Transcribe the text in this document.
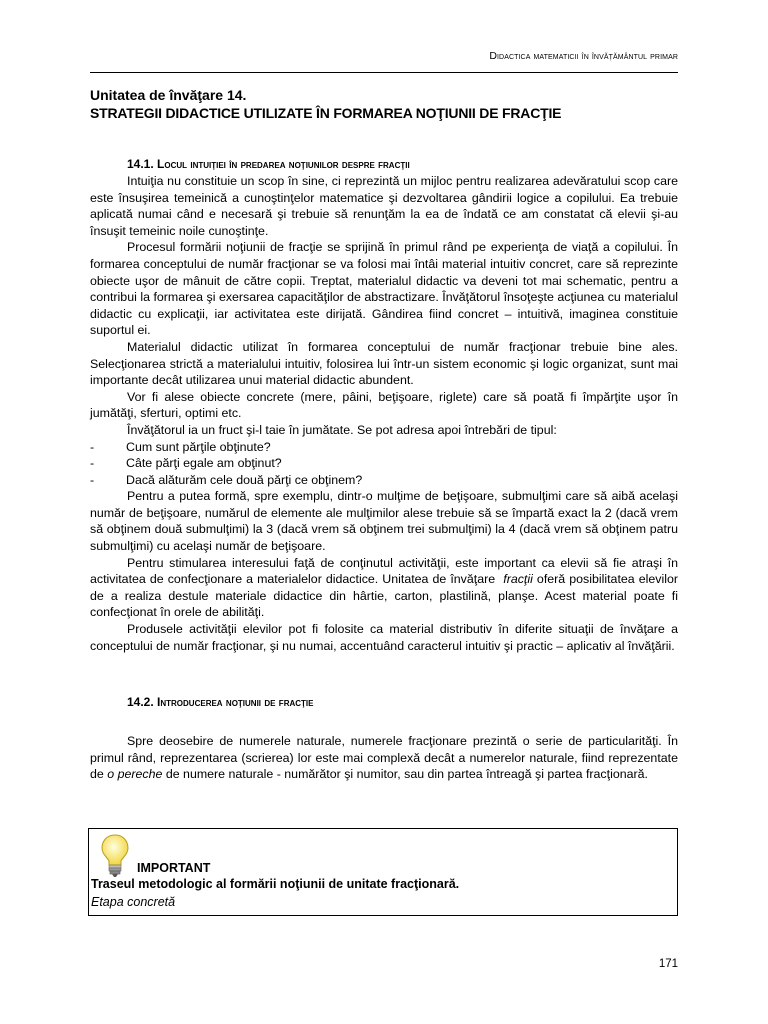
Didactica matematicii în învățământul primar
Unitatea de învăţare 14.
STRATEGII DIDACTICE UTILIZATE ÎN FORMAREA NOŢIUNII DE FRACŢIE
14.1. Locul intuiţiei în predarea noţiunilor despre fracţii

Intuiţia nu constituie un scop în sine, ci reprezintă un mijloc pentru realizarea adevăratului scop care este însuşirea temeinică a cunoştinţelor matematice şi dezvoltarea gândirii logice a copilului. Ea trebuie aplicată numai când e necesară şi trebuie să renunţăm la ea de îndată ce am constatat că elevii şi-au însuşit temeinic noile cunoştinţe.

Procesul formării noţiunii de fracţie se sprijină în primul rând pe experienţa de viaţă a copilului. În formarea conceptului de număr fracţionar se va folosi mai întâi material intuitiv concret, care să reprezinte obiecte uşor de mânuit de către copii. Treptat, materialul didactic va deveni tot mai schematic, pentru a contribui la formarea şi exersarea capacităţilor de abstractizare. Învăţătorul însoţeşte acţiunea cu materialul didactic cu explicaţii, iar activitatea este dirijată. Gândirea fiind concret – intuitivă, imaginea constituie suportul ei.

Materialul didactic utilizat în formarea conceptului de număr fracţionar trebuie bine ales. Selecţionarea strictă a materialului intuitiv, folosirea lui într-un sistem economic şi logic organizat, sunt mai importante decât utilizarea unui material didactic abundent.

Vor fi alese obiecte concrete (mere, pâini, beţişoare, riglete) care să poată fi împărţite uşor în jumătăţi, sferturi, optimi etc.

Învăţătorul ia un fruct şi-l taie în jumătate. Se pot adresa apoi întrebări de tipul:

-	Cum sunt părţile obţinute?
-	Câte părţi egale am obţinut?
-	Dacă alăturăm cele două părţi ce obţinem?

Pentru a putea formă, spre exemplu, dintr-o mulţime de beţişoare, submulţimi care să aibă acelaşi număr de beţişoare, numărul de elemente ale mulţimilor alese trebuie să se împartă exact la 2 (dacă vrem să obţinem două submulţimi) la 3 (dacă vrem să obţinem trei submulţimi) la 4 (dacă vrem să obţinem patru submulţimi) cu acelaşi număr de beţişoare.

Pentru stimularea interesului faţă de conţinutul activităţii, este important ca elevii să fie atraşi în activitatea de confecţionare a materialelor didactice. Unitatea de învăţare fracţii oferă posibilitatea elevilor de a realiza destule materiale didactice din hârtie, carton, plastilină, planşe. Acest material poate fi confecţionat în orele de abilităţi.

Produsele activităţii elevilor pot fi folosite ca material distributiv în diferite situaţii de învăţare a conceptului de număr fracţionar, şi nu numai, accentuând caracterul intuitiv şi practic – aplicativ al învăţării.

14.2. Introducerea noţiunii de fracţie

Spre deosebire de numerele naturale, numerele fracţionare prezintă o serie de particularităţi. În primul rând, reprezentarea (scrierea) lor este mai complexă decât a numerelor naturale, fiind reprezentate de o pereche de numere naturale - numărător şi numitor, sau din partea întreagă şi partea fracţionară.

IMPORTANT
Traseul metodologic al formării noţiunii de unitate fracţionară.
Etapa concretă
171
